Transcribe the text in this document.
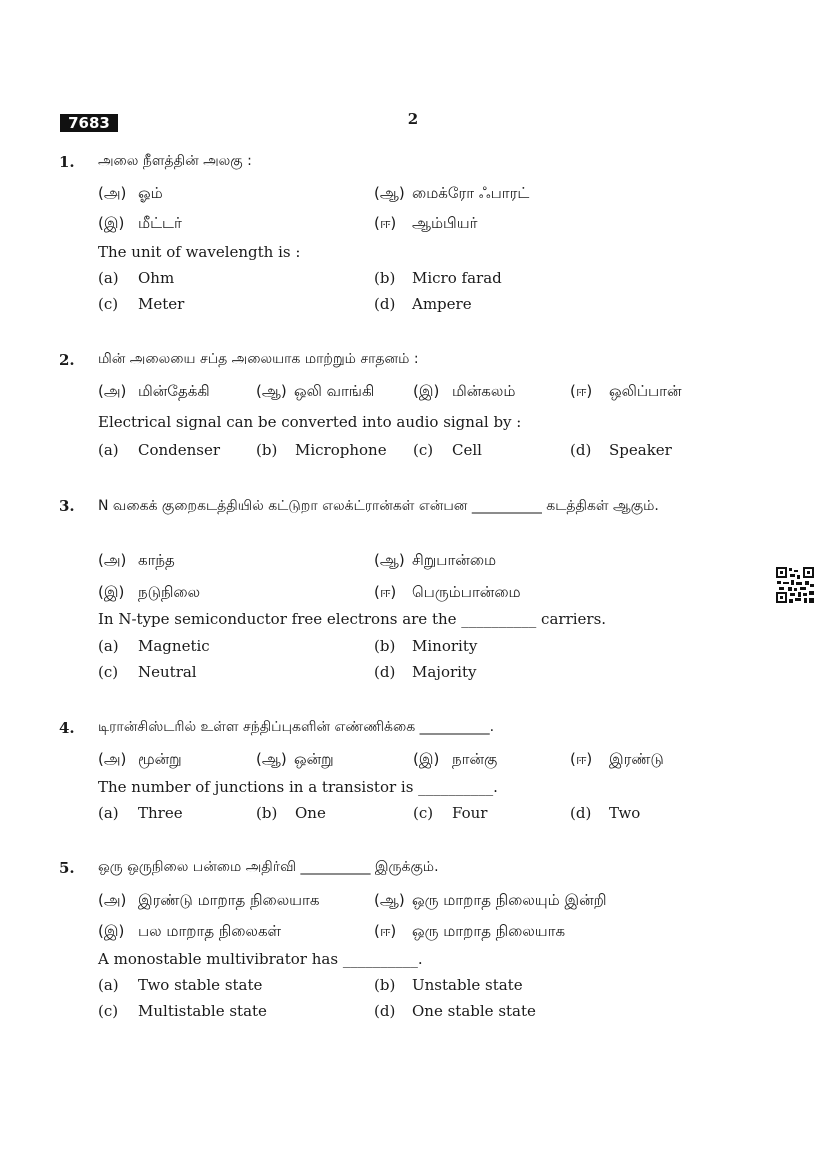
7683	2
1. அலை நீளத்தின் அலகு :
(அ) ஓம்	(ஆ) மைக்ரோ ஃபாரட்
(இ) மீட்டர்	(ஈ) ஆம்பியர்
The unit of wavelength is :
(a) Ohm	(b) Micro farad
(c) Meter	(d) Ampere
2. மின் அலையை சப்த அலையாக மாற்றும் சாதனம் :
(அ) மின்தேக்கி	(ஆ) ஒலி வாங்கி	(இ) மின்கலம்	(ஈ) ஒலிப்பான்
Electrical signal can be converted into audio signal by :
(a) Condenser (b) Microphone (c) Cell	(d) Speaker
3. N வகைக் குறைகடத்தியில் கட்டுறா எலக்ட்ரான்கள் என்பன __________ கடத்திகள் ஆகும்.
(அ) காந்த	(ஆ) சிறுபான்மை
(இ) நடுநிலை	(ஈ) பெரும்பான்மை
In N-type semiconductor free electrons are the __________ carriers.
(a) Magnetic	(b) Minority
(c) Neutral	(d) Majority
4. டிரான்சிஸ்டரில் உள்ள சந்திப்புகளின் எண்ணிக்கை __________.
(அ) மூன்று	(ஆ) ஒன்று	(இ) நான்கு	(ஈ) இரண்டு
The number of junctions in a transistor is __________.
(a) Three	(b) One	(c) Four	(d) Two
5. ஒரு ஒருநிலை பன்மை அதிர்வி __________ இருக்கும்.
(அ) இரண்டு மாறாத நிலையாக	(ஆ) ஒரு மாறாத நிலையும் இன்றி
(இ) பல மாறாத நிலைகள்	(ஈ) ஒரு மாறாத நிலையாக
A monostable multivibrator has __________.
(a) Two stable state	(b) Unstable state
(c) Multistable state	(d) One stable state
